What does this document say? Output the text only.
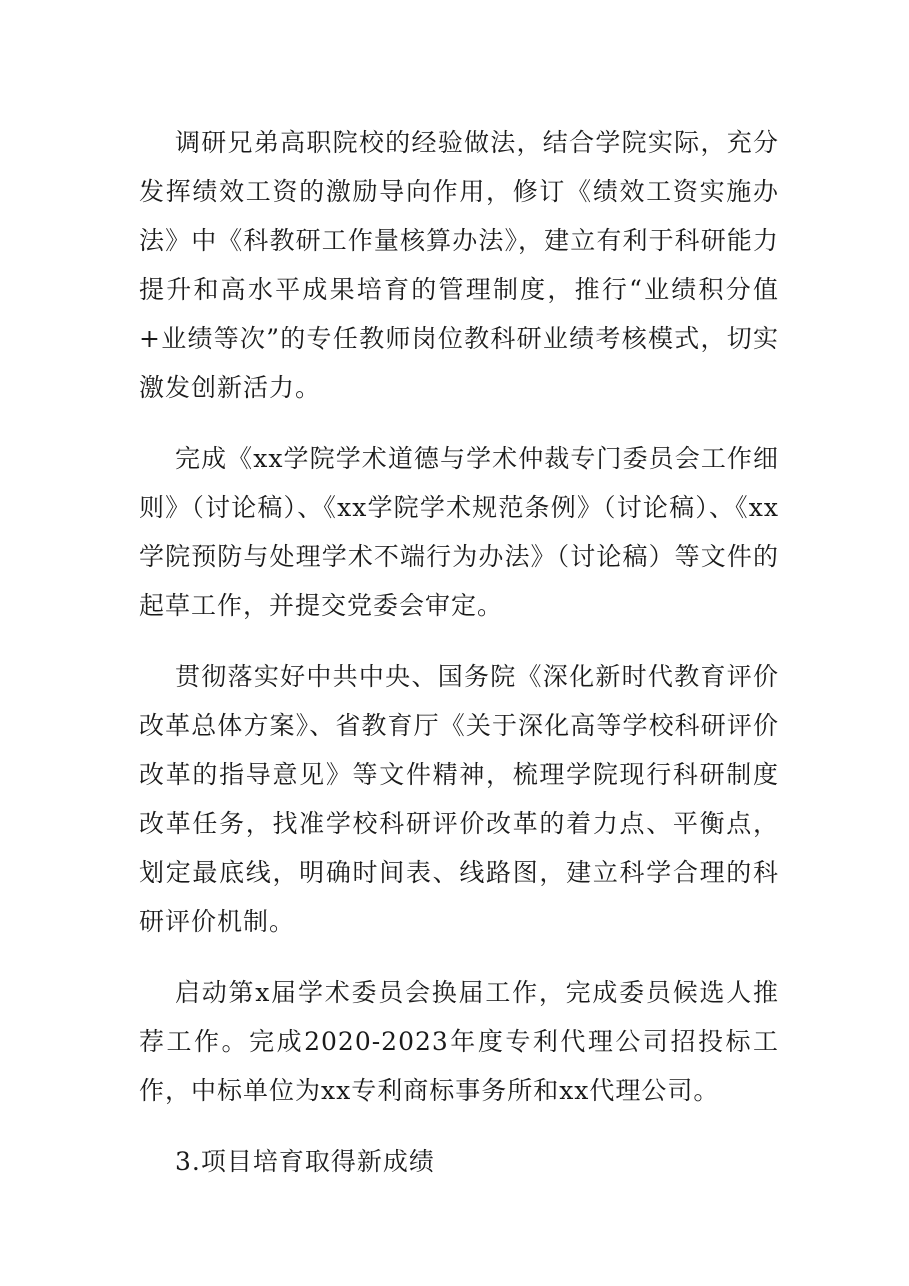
调研兄弟高职院校的经验做法，结合学院实际，充分发挥绩效工资的激励导向作用，修订《绩效工资实施办法》中《科教研工作量核算办法》，建立有利于科研能力提升和高水平成果培育的管理制度，推行“业绩积分值+业绩等次”的专任教师岗位教科研业绩考核模式，切实激发创新活力。

完成《xx学院学术道德与学术仲裁专门委员会工作细则》（讨论稿）、《xx学院学术规范条例》（讨论稿）、《xx学院预防与处理学术不端行为办法》（讨论稿）等文件的起草工作，并提交党委会审定。

贯彻落实好中共中央、国务院《深化新时代教育评价改革总体方案》、省教育厅《关于深化高等学校科研评价改革的指导意见》等文件精神，梳理学院现行科研制度改革任务，找准学校科研评价改革的着力点、平衡点，划定最底线，明确时间表、线路图，建立科学合理的科研评价机制。

启动第x届学术委员会换届工作，完成委员候选人推荐工作。完成2020-2023年度专利代理公司招投标工作，中标单位为xx专利商标事务所和xx代理公司。

3.项目培育取得新成绩
